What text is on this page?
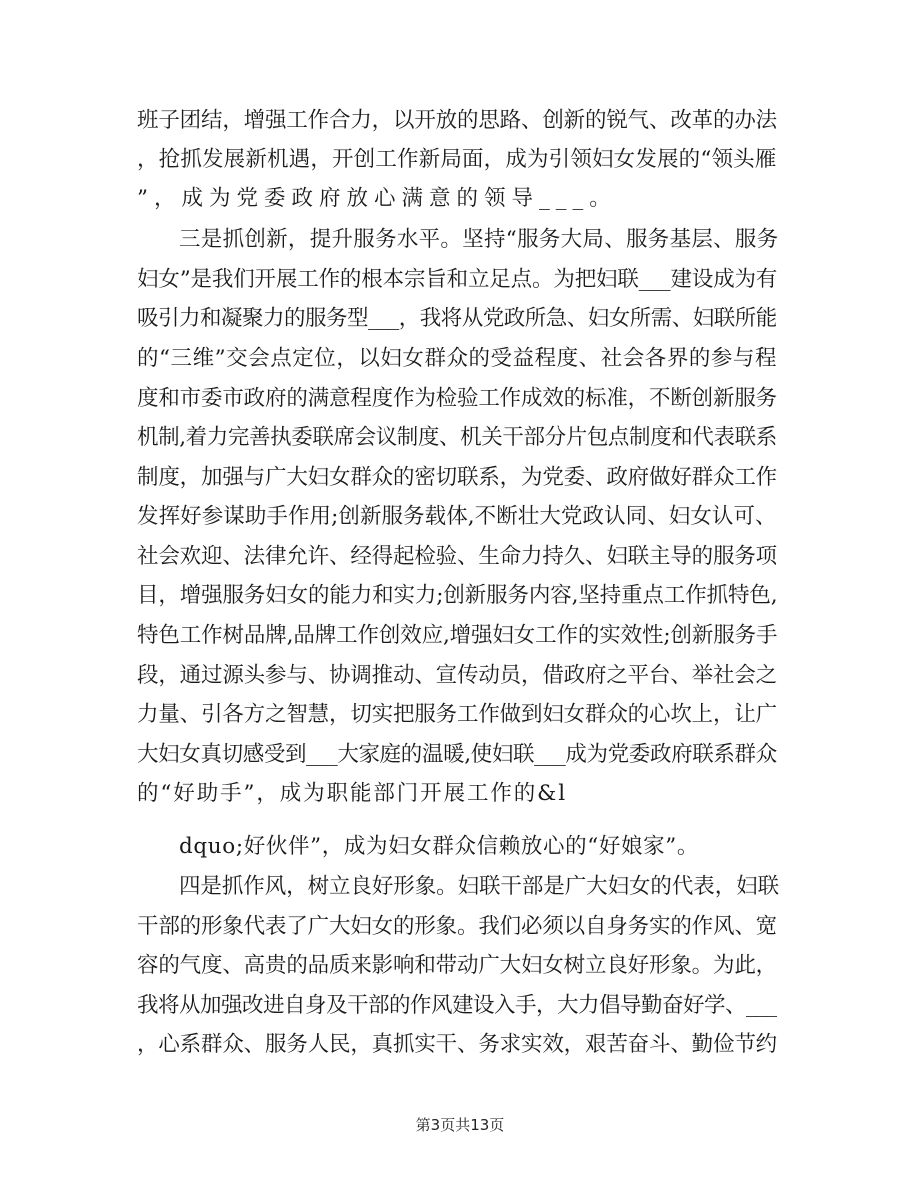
班子团结，增强工作合力，以开放的思路、创新的锐气、改革的办法
，抢抓发展新机遇，开创工作新局面，成为引领妇女发展的“领头雁
”，成为党委政府放心满意的领导___。
三是抓创新，提升服务水平。坚持“服务大局、服务基层、服务
妇女”是我们开展工作的根本宗旨和立足点。为把妇联___建设成为有
吸引力和凝聚力的服务型___，我将从党政所急、妇女所需、妇联所能
的“三维”交会点定位，以妇女群众的受益程度、社会各界的参与程
度和市委市政府的满意程度作为检验工作成效的标准，不断创新服务
机制,着力完善执委联席会议制度、机关干部分片包点制度和代表联系
制度，加强与广大妇女群众的密切联系，为党委、政府做好群众工作
发挥好参谋助手作用;创新服务载体,不断壮大党政认同、妇女认可、
社会欢迎、法律允许、经得起检验、生命力持久、妇联主导的服务项
目，增强服务妇女的能力和实力;创新服务内容,坚持重点工作抓特色,
特色工作树品牌,品牌工作创效应,增强妇女工作的实效性;创新服务手
段，通过源头参与、协调推动、宣传动员，借政府之平台、举社会之
力量、引各方之智慧，切实把服务工作做到妇女群众的心坎上，让广
大妇女真切感受到___大家庭的温暖,使妇联___成为党委政府联系群众
的“好助手”，成为职能部门开展工作的&l
dquo;好伙伴”，成为妇女群众信赖放心的“好娘家”。
四是抓作风，树立良好形象。妇联干部是广大妇女的代表，妇联
干部的形象代表了广大妇女的形象。我们必须以自身务实的作风、宽
容的气度、高贵的品质来影响和带动广大妇女树立良好形象。为此，
我将从加强改进自身及干部的作风建设入手，大力倡导勤奋好学、___
，心系群众、服务人民，真抓实干、务求实效，艰苦奋斗、勤俭节约
第3页共13页
